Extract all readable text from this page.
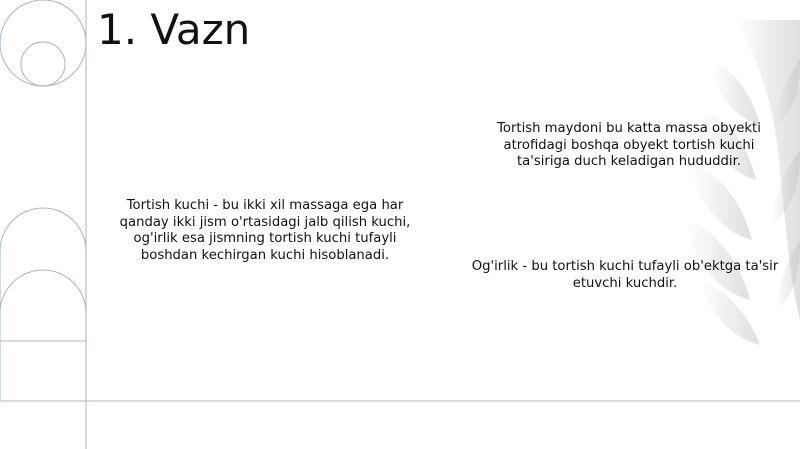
1. Vazn

Tortish kuchi - bu ikki xil massaga ega har qanday ikki jism o'rtasidagi jalb qilish kuchi, og'irlik esa jismning tortish kuchi tufayli boshdan kechirgan kuchi hisoblanadi.

Tortish maydoni bu katta massa obyekti atrofidagi boshqa obyekt tortish kuchi ta'siriga duch keladigan hududdir.

Og'irlik - bu tortish kuchi tufayli ob'ektga ta'sir etuvchi kuchdir.
